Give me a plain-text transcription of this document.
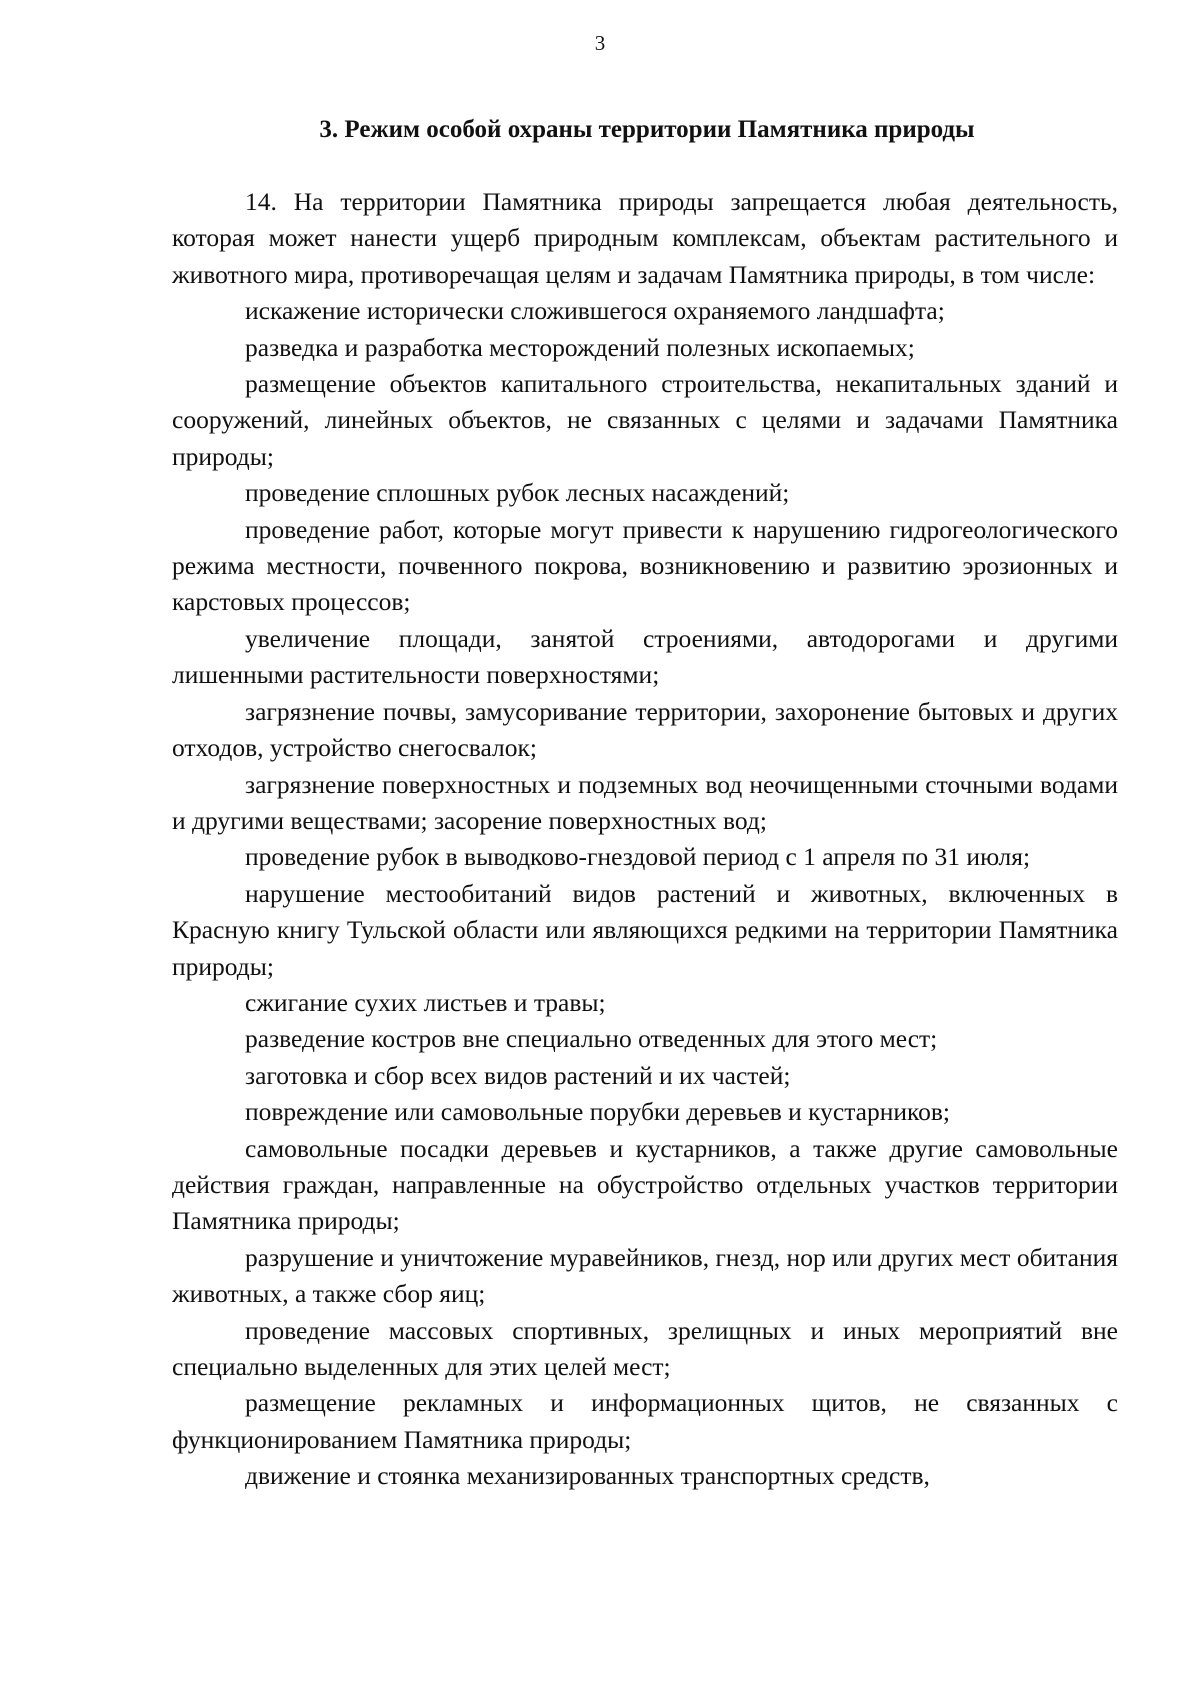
3
3. Режим особой охраны территории Памятника природы

14. На территории Памятника природы запрещается любая деятельность, которая может нанести ущерб природным комплексам, объектам растительного и животного мира, противоречащая целям и задачам Памятника природы, в том числе:

искажение исторически сложившегося охраняемого ландшафта;

разведка и разработка месторождений полезных ископаемых;

размещение объектов капитального строительства, некапитальных зданий и сооружений, линейных объектов, не связанных с целями и задачами Памятника природы;

проведение сплошных рубок лесных насаждений;

проведение работ, которые могут привести к нарушению гидрогеологического режима местности, почвенного покрова, возникновению и развитию эрозионных и карстовых процессов;

увеличение площади, занятой строениями, автодорогами и другими лишенными растительности поверхностями;

загрязнение почвы, замусоривание территории, захоронение бытовых и других отходов, устройство снегосвалок;

загрязнение поверхностных и подземных вод неочищенными сточными водами и другими веществами; засорение поверхностных вод;

проведение рубок в выводково-гнездовой период с 1 апреля по 31 июля;

нарушение местообитаний видов растений и животных, включенных в Красную книгу Тульской области или являющихся редкими на территории Памятника природы;

сжигание сухих листьев и травы;

разведение костров вне специально отведенных для этого мест;

заготовка и сбор всех видов растений и их частей;

повреждение или самовольные порубки деревьев и кустарников;

самовольные посадки деревьев и кустарников, а также другие самовольные действия граждан, направленные на обустройство отдельных участков территории Памятника природы;

разрушение и уничтожение муравейников, гнезд, нор или других мест обитания животных, а также сбор яиц;

проведение массовых спортивных, зрелищных и иных мероприятий вне специально выделенных для этих целей мест;

размещение рекламных и информационных щитов, не связанных с функционированием Памятника природы;

движение и стоянка механизированных транспортных средств,
